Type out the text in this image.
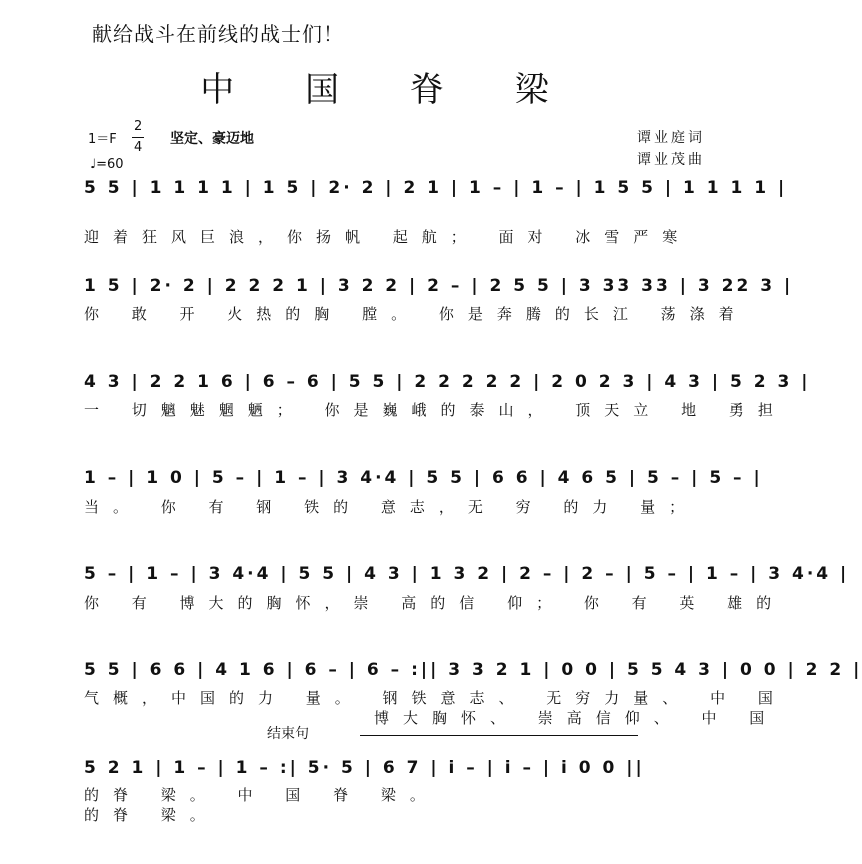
献给战斗在前线的战士们！
中 国 脊 梁
1＝F
2
4
♩=60
坚定、豪迈地	谭业庭词
谭业茂曲
5 5 | 1 1 1 1 | 1 5 | 2· 2 | 2 1 | 1 – | 1 – | 1 5 5 | 1 1 1 1 |
迎着狂风巨浪，你扬帆 起航； 面对 冰雪严寒
1 5 | 2· 2 | 2 2 2 1 | 3 2 2 | 2 – | 2 5 5 | 3 33 33 | 3 22 3 |
你 敢 开 火热的胸 膛。 你是奔腾的长江 荡涤着
4 3 | 2 2 1 6 | 6 – 6 | 5 5 | 2 2 2 2 2 | 2 0 2 3 | 4 3 | 5 2 3 |
一 切魑魅魍魉； 你是巍峨的泰山， 顶天立 地 勇担
1 – | 1 0 | 5 – | 1 – | 3 4·4 | 5 5 | 6 6 | 4 6 5 | 5 – | 5 – |
当。 你 有 钢 铁的 意志，无 穷 的力 量；
5 – | 1 – | 3 4·4 | 5 5 | 4 3 | 1 3 2 | 2 – | 2 – | 5 – | 1 – | 3 4·4 |
你 有 博大的胸怀，崇 高的信 仰； 你 有 英 雄的
5 5 | 6 6 | 4 1 6 | 6 – | 6 – :|| 3 3 2 1 | 0 0 | 5 5 4 3 | 0 0 | 2 2 |
气概，中国的力 量。 钢铁意志、 无穷力量、 中 国
博大胸怀、 崇高信仰、 中 国
结束句
5 2 1 | 1 – | 1 – :| 5· 5 | 6 7 | i – | i – | i 0 0 ||
的脊 梁。 中 国 脊 梁。
的脊 梁。
